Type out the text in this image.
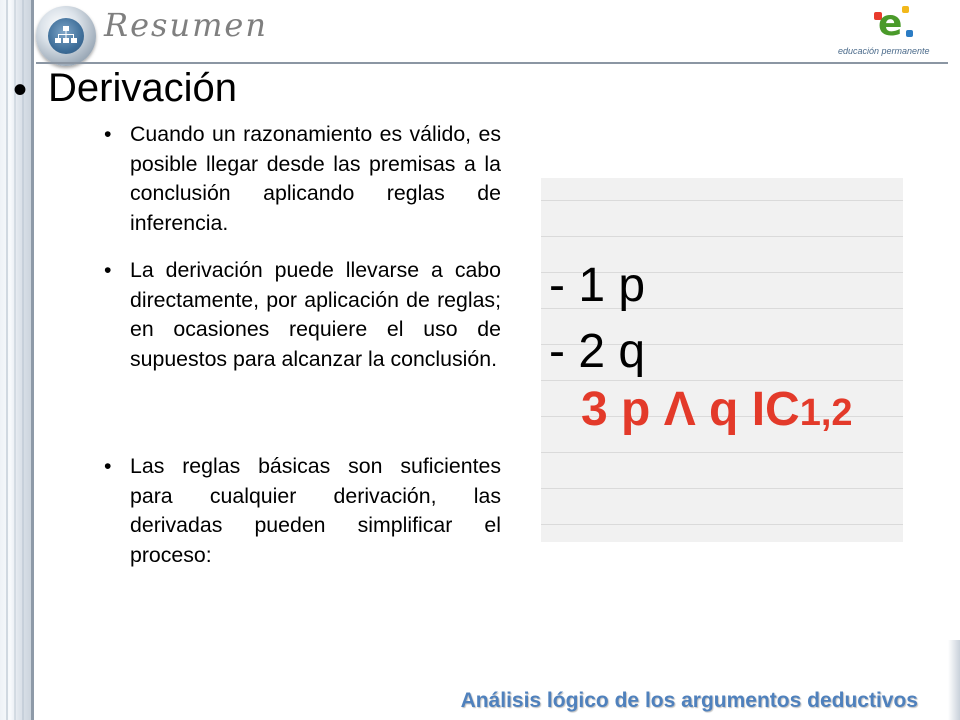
Resumen	e
educación permanente
• Derivación
• Cuando un razonamiento es válido, es posible llegar desde las premisas a la conclusión aplicando reglas de inferencia.

• La derivación puede llevarse a cabo directamente, por aplicación de reglas; en ocasiones requiere el uso de supuestos para alcanzar la conclusión.

• Las reglas básicas son suficientes para cualquier derivación, las derivadas pueden simplificar el proceso:

- 1 p
- 2 q
3 p Λ q IC1,2
Análisis lógico de los argumentos deductivos
